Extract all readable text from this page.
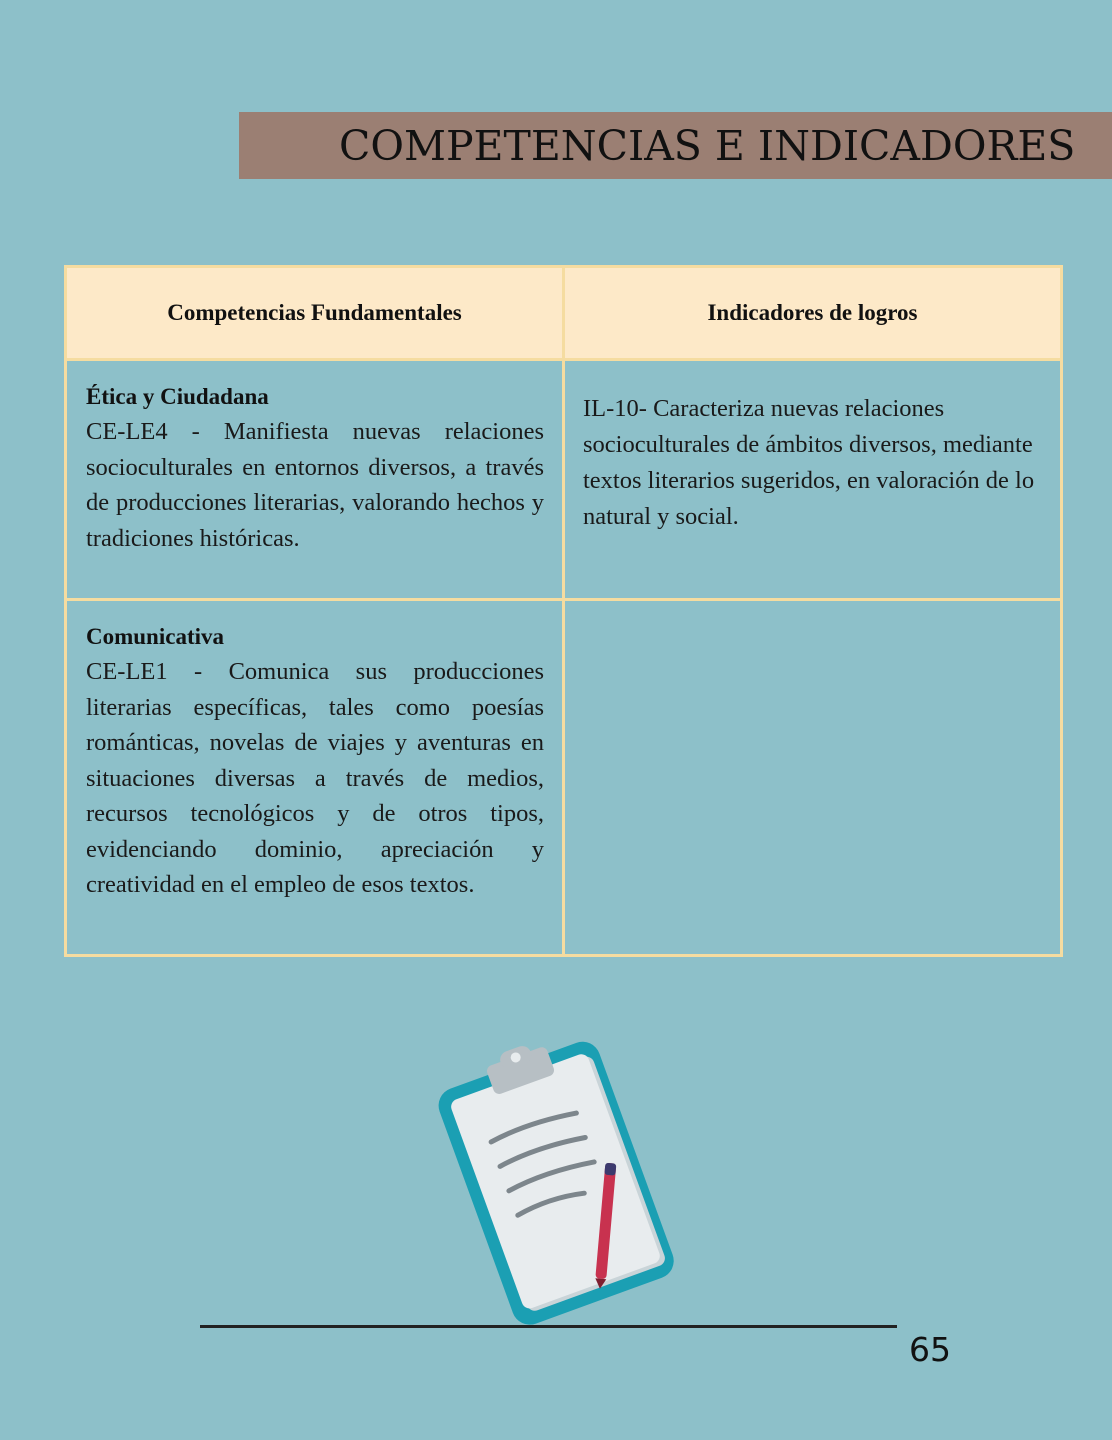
COMPETENCIAS E INDICADORES
Competencias Fundamentales	Indicadores de logros

Ética y Ciudadana
CE-LE4 - Manifiesta nuevas relaciones socioculturales en entornos diversos, a través de producciones literarias, valorando hechos y tradiciones históricas.	IL-10- Caracteriza nuevas relaciones socioculturales de ámbitos diversos, mediante textos literarios sugeridos, en valoración de lo natural y social.

Comunicativa
CE-LE1 - Comunica sus producciones literarias específicas, tales como poesías románticas, novelas de viajes y aventuras en situaciones diversas a través de medios, recursos tecnológicos y de otros tipos, evidenciando dominio, apreciación y creatividad en el empleo de esos textos.	

65
